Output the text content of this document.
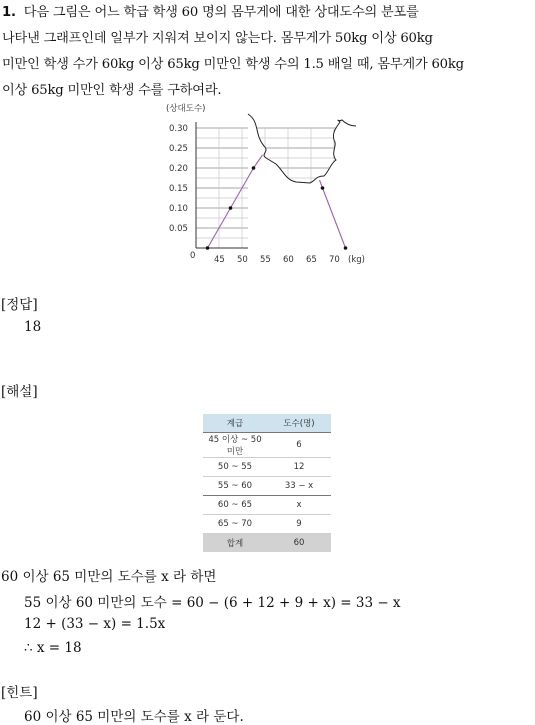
1. 다음 그림은 어느 학급 학생 60 명의 몸무게에 대한 상대도수의 분포를
나타낸 그래프인데 일부가 지워져 보이지 않는다. 몸무게가 50kg 이상 60kg
미만인 학생 수가 60kg 이상 65kg 미만인 학생 수의 1.5 배일 때, 몸무게가 60kg
이상 65kg 미만인 학생 수를 구하여라.
(상대도수)
0.05
0.10
0.15
0.20
0.25
0.30
0 45 50 55 60 65 70 (kg)
[정답]
18
[해설]
계급	도수(명)
45 이상 ~ 50 미만	6
50 ~ 55	12
55 ~ 60	33 − x
60 ~ 65	x
65 ~ 70	9
합계	60
60 이상 65 미만의 도수를 x 라 하면
55 이상 60 미만의 도수 = 60 − (6 + 12 + 9 + x) = 33 − x
12 + (33 − x) = 1.5x
∴ x = 18
[힌트]
60 이상 65 미만의 도수를 x 라 둔다.
